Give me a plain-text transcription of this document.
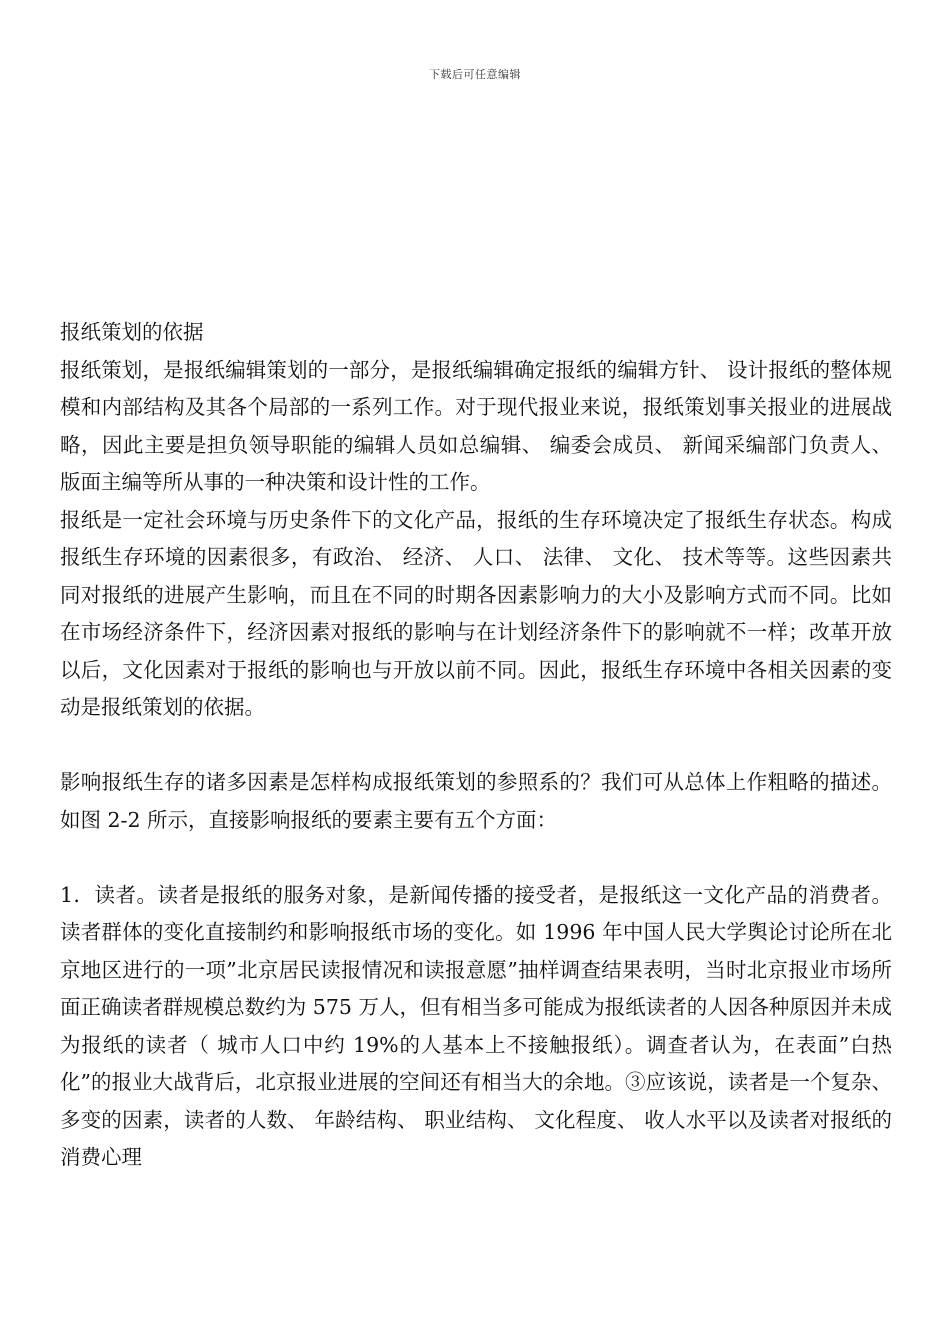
下载后可任意编辑

报纸策划的依据

报纸策划，是报纸编辑策划的一部分，是报纸编辑确定报纸的编辑方针、 设计报纸的整体规模和内部结构及其各个局部的一系列工作。对于现代报业来说，报纸策划事关报业的进展战略，因此主要是担负领导职能的编辑人员如总编辑、 编委会成员、 新闻采编部门负责人、 版面主编等所从事的一种决策和设计性的工作。

报纸是一定社会环境与历史条件下的文化产品，报纸的生存环境决定了报纸生存状态。构成报纸生存环境的因素很多，有政治、 经济、 人口、 法律、 文化、 技术等等。这些因素共同对报纸的进展产生影响，而且在不同的时期各因素影响力的大小及影响方式而不同。比如在市场经济条件下，经济因素对报纸的影响与在计划经济条件下的影响就不一样；改革开放以后，文化因素对于报纸的影响也与开放以前不同。因此，报纸生存环境中各相关因素的变动是报纸策划的依据。

影响报纸生存的诸多因素是怎样构成报纸策划的参照系的？我们可从总体上作粗略的描述。如图 2-2 所示，直接影响报纸的要素主要有五个方面：

1．读者。读者是报纸的服务对象，是新闻传播的接受者，是报纸这一文化产品的消费者。读者群体的变化直接制约和影响报纸市场的变化。如 1996 年中国人民大学舆论讨论所在北京地区进行的一项”北京居民读报情况和读报意愿”抽样调查结果表明，当时北京报业市场所面正确读者群规模总数约为 575 万人，但有相当多可能成为报纸读者的人因各种原因并未成为报纸的读者（ 城市人口中约 19%的人基本上不接触报纸）。调查者认为，在表面”白热化”的报业大战背后，北京报业进展的空间还有相当大的余地。③应该说，读者是一个复杂、 多变的因素，读者的人数、 年龄结构、 职业结构、 文化程度、 收人水平以及读者对报纸的消费心理
